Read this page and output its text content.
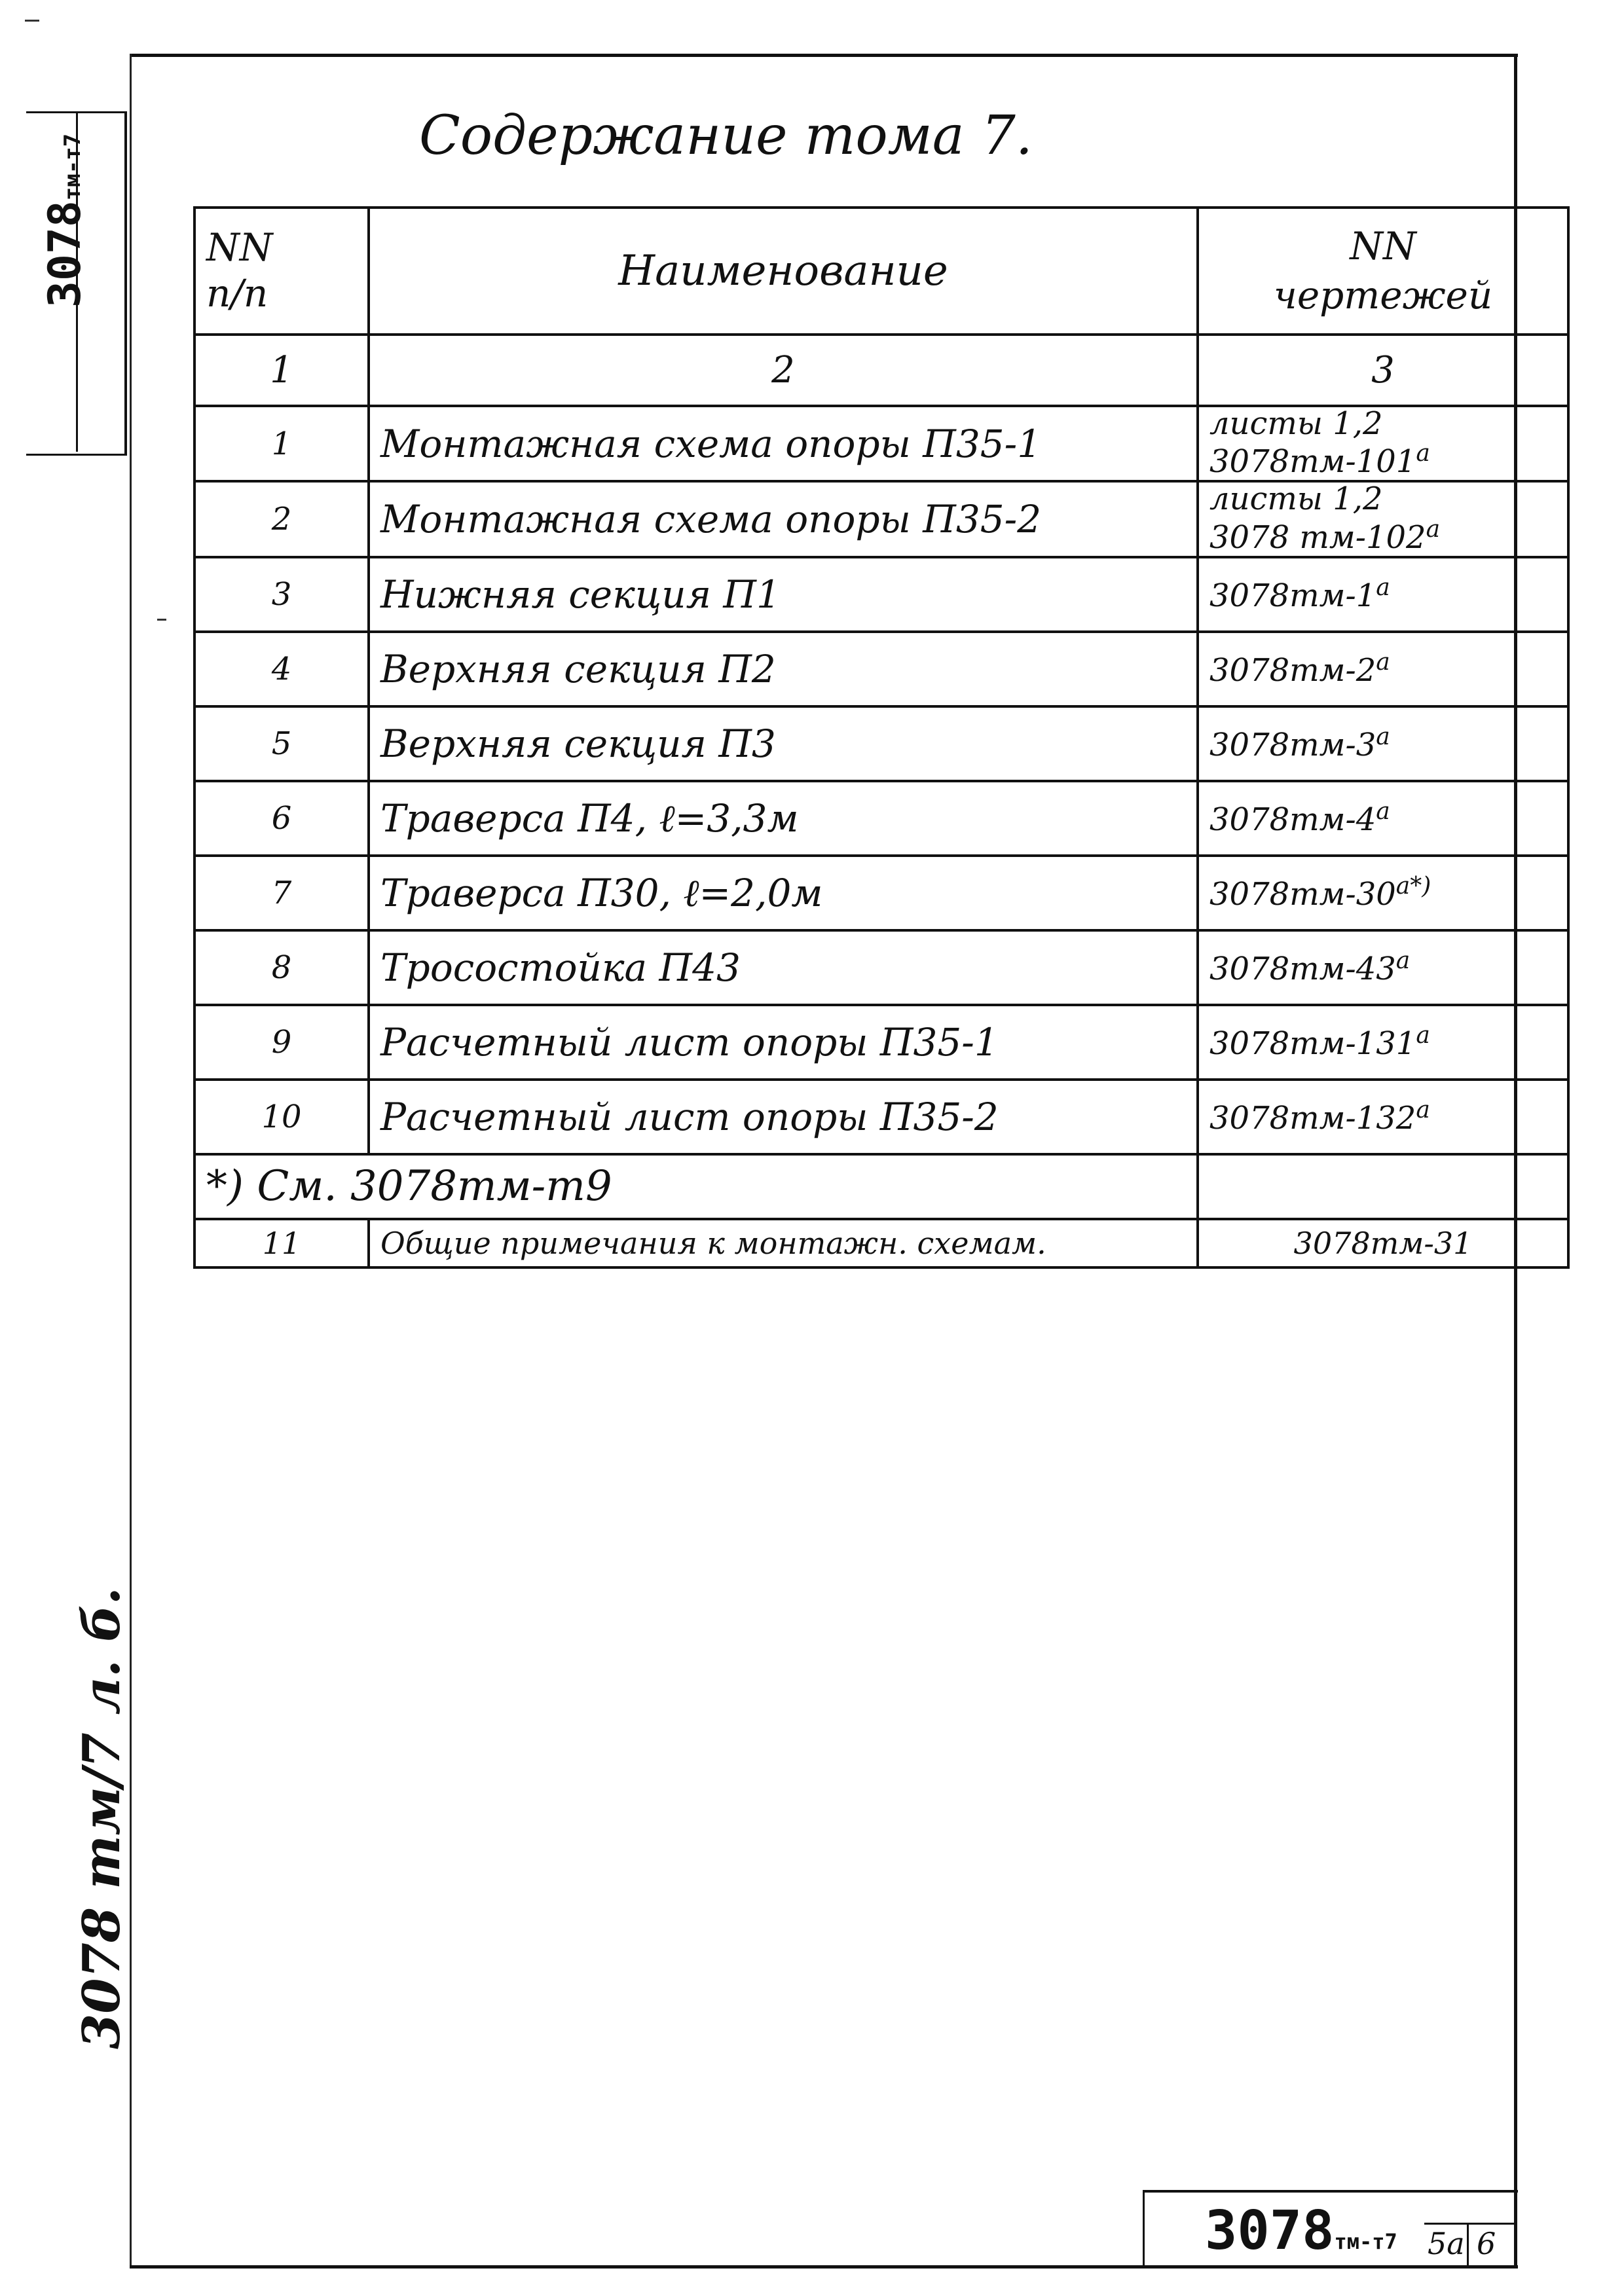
3078тм-т7
3078 тм/7 л. б.
Содержание тома 7.
NN
п/п	Наименование	NN
чертежей

1	2	3
1	Монтажная схема опоры П35-1	листы 1,2
$3078тм-101^а$
2	Монтажная схема опоры П35-2	листы 1,2
3078 $тм-102^а$
3	Нижняя секция П1	$3078тм-1^а$
4	Верхняя секция П2	$3078тм-2^а$
5	Верхняя секция П3	$3078тм-3^а$
6	Траверса П4, ℓ=3,3м	$3078тм-4^а$
7	Траверса П30, ℓ=2,0м	$3078тм-30^{а*)}$
8	Тросостойка П43	$3078тм-43^а$
9	Расчетный лист опоры П35-1	$3078тм-131^а$
10	Расчетный лист опоры П35-2	$3078тм-132^а$
*) См. 3078тм-т9		
11	Общие примечания к монтажн. схемам.	3078тм-31
3078тм-т7 5а 6
